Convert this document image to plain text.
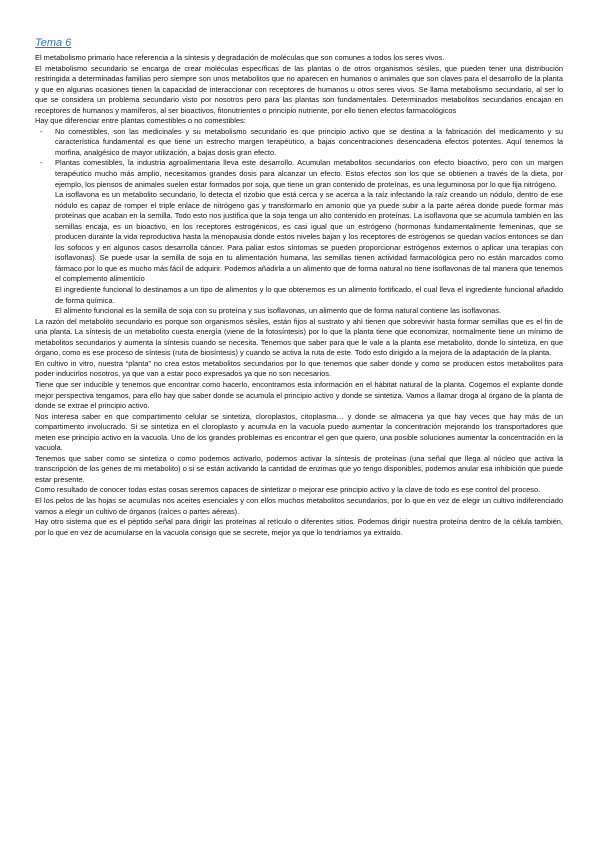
Tema 6

El metabolismo primario hace referencia a la síntesis y degradación de moléculas que son comunes a todos los seres vivos.

El metabolismo secundario se encarga de crear moléculas específicas de las plantas o de otros organismos sésiles, que pueden tener una distribución restringida a determinadas familias pero siempre son unos metabolitos que no aparecen en humanos o animales que son claves para el desarrollo de la planta y que en algunas ocasiones tienen la capacidad de interaccionar con receptores de humanos u otros seres vivos. Se llama metabolismo secundario, al ser lo que se considera un problema secundario visto por nosotros pero para las plantas son fundamentales. Determinados metabolitos secundarios encajan en receptores de humanos y mamíferos, al ser bioactivos, fitonutrientes o principio nutriente, por ello tienen efectos farmacológicos

Hay que diferenciar entre plantas comestibles o no comestibles:

- No comestibles, son las medicinales y su metabolismo secundario es que principio activo que se destina a la fabricación del medicamento y su característica fundamental es que tiene un estrecho margen terapéutico, a bajas concentraciones desencadena efectos potentes. Aquí tenemos la morfina, analgésico de mayor utilización, a bajas dosis gran efecto.
- Plantas comestibles, la industria agroalimentaria lleva este desarrollo. Acumulan metabolitos secundarios con efecto bioactivo, pero con un margen terapéutico mucho más amplio, necesitamos grandes dosis para alcanzar un efecto. Estos efectos son los que se obtienen a través de la dieta, por ejemplo, los piensos de animales suelen estar formados por soja, que tiene un gran contenido de proteínas, es una leguminosa por lo que fija nitrógeno.

La isoflavona es un metabolito secundario, lo detecta el rizobio que está cerca y se acerca a la raíz infectando la raíz creando un nódulo, dentro de ese nódulo es capaz de romper el triple enlace de nitrógeno gas y transformarlo en amonio que ya puede subir a la parte aérea donde puede formar más proteínas que acaban en la semilla. Todo esto nos justifica que la soja tenga un alto contenido en proteínas. La isoflavona que se acumula también en las semillas encaja, es un bioactivo, en los receptores estrogénicos, es casi igual que un estrógeno (hormonas fundamentalmente femeninas, que se producen durante la vida reproductiva hasta la menopausia donde estos niveles bajan y los receptores de estrógenos se quedan vacíos entonces se dan los sofocos y en algunos casos desarrolla cáncer. Para paliar estos síntomas se pueden proporcionar estrógenos externos o aplicar una terapias con isoflavonas). Se puede usar la semilla de soja en tu alimentación humana, las semillas tienen actividad farmacológica pero no están marcados como fármaco por lo que es mucho más fácil de adquirir. Podemos añadirla a un alimento que de forma natural no tiene isoflavonas de tal manera que tenemos el complemento alimenticio

El ingrediente funcional lo destinamos a un tipo de alimentos y lo que obtenemos es un alimento fortificado, el cual lleva el ingrediente funcional añadido de forma química.

El alimento funcional es la semilla de soja con su proteína y sus isoflavonas, un alimento que de forma natural contiene las isoflavonas.

La razón del metabolito secundario es porque son organismos sésiles, están fijos al sustrato y ahí tienen que sobrevivir hasta formar semillas que es el fin de una planta. La síntesis de un metabolito cuesta energía (viene de la fotosíntesis) por lo que la planta tiene que economizar, normalmente tiene un mínimo de metabolitos secundarios y aumenta la síntesis cuando se necesita. Tenemos que saber para que le vale a la planta ese metabolito, donde lo sintetiza, en que órgano, como es ese proceso de síntesis (ruta de biosíntesis) y cuando se activa la ruta de este. Todo esto dirigido a la mejora de la adaptación de la planta.

En cultivo in vitro, nuestra “planta” no crea estos metabolitos secundarios por lo que tenemos que saber donde y como se producen estos metabolitos para poder inducirlos nosotros, ya que van a estar poco expresados ya que no son necesarios.

Tiene que ser inducible y tenemos que encontrar como hacerlo, encontramos esta información en el hábitat natural de la planta. Cogemos el explante donde mejor perspectiva tengamos, para ello hay que saber donde se acumula el principio activo y donde se sintetiza. Vamos a llamar droga al órgano de la planta de donde se extrae el principio activo.

Nos interesa saber en que compartimento celular se sintetiza, cloroplastos, citoplasma… y donde se almacena ya que hay veces que hay más de un compartimento involucrado. Si se sintetiza en el cloroplasto y acumula en la vacuola puedo aumentar la concentración mejorando los transportadores que meten ese principio activo en la vacuola. Uno de los grandes problemas es encontrar el gen que quiero, una posible soluciones aumentar la concentración en la vacuola.

Tenemos que saber como se sintetiza o como podemos activarlo, podemos activar la síntesis de proteínas (una señal que llega al núcleo que activa la transcripción de los genes de mi metabolito) o si se están activando la cantidad de enzimas que yo tengo disponibles, podemos anular esa inhibición que puede estar presente.

Como resultado de conocer todas estas cosas seremos capaces de sintetizar o mejorar ese principio activo y la clave de todo es ese control del proceso.

El los pelos de las hojas se acumulas nos aceites esenciales y con ellos muchos metabolitos secundarios, por lo que en vez de elegir un cultivo indiferenciado vamos a elegir un cultivo de órganos (raíces o partes aéreas).

Hay otro sistema que es el péptido señal para dirigir las proteínas al retículo o diferentes sitios. Podemos dirigir nuestra proteína dentro de la célula también, por lo que en vez de acumularse en la vacuola consigo que se secrete, mejor ya que lo tendríamos ya extraído.
